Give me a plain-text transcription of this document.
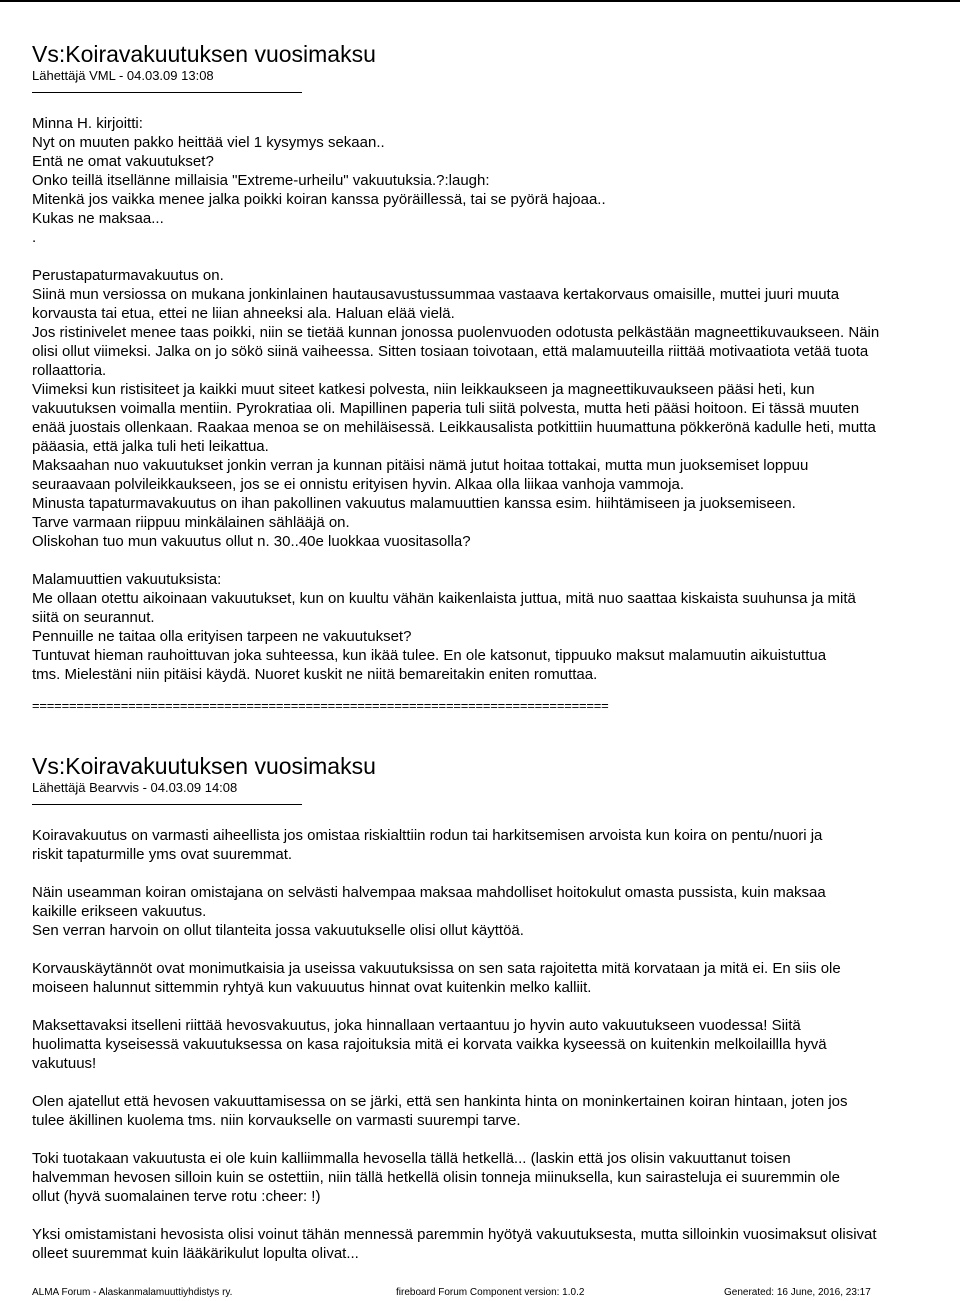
Vs:Koiravakuutuksen vuosimaksu
Lähettäjä VML - 04.03.09 13:08
Minna H. kirjoitti:
Nyt on muuten pakko heittää viel 1 kysymys sekaan..
Entä ne omat vakuutukset?
Onko teillä itsellänne millaisia "Extreme-urheilu" vakuutuksia.?:laugh:
Mitenkä jos vaikka menee jalka poikki koiran kanssa pyöräillessä, tai se pyörä hajoaa..
Kukas ne maksaa...
.
Perustapaturmavakuutus on.
Siinä mun versiossa on mukana jonkinlainen hautausavustussummaa vastaava kertakorvaus omaisille, muttei juuri muuta
korvausta tai etua, ettei ne liian ahneeksi ala. Haluan elää vielä.
Jos ristinivelet menee taas poikki, niin se tietää kunnan jonossa puolenvuoden odotusta pelkästään magneettikuvaukseen. Näin
olisi ollut viimeksi. Jalka on jo sökö siinä vaiheessa. Sitten tosiaan toivotaan, että malamuuteilla riittää motivaatiota vetää tuota
rollaattoria.
Viimeksi kun ristisiteet ja kaikki muut siteet katkesi polvesta, niin leikkaukseen ja magneettikuvaukseen pääsi heti, kun
vakuutuksen voimalla mentiin. Pyrokratiaa oli. Mapillinen paperia tuli siitä polvesta, mutta heti pääsi hoitoon. Ei tässä muuten
enää juostais ollenkaan. Raakaa menoa se on mehiläisessä. Leikkausalista potkittiin huumattuna pökkerönä kadulle heti, mutta
pääasia, että jalka tuli heti leikattua.
Maksaahan nuo vakuutukset jonkin verran ja kunnan pitäisi nämä jutut hoitaa tottakai, mutta mun juoksemiset loppuu
seuraavaan polvileikkaukseen, jos se ei onnistu erityisen hyvin. Alkaa olla liikaa vanhoja vammoja.
Minusta tapaturmavakuutus on ihan pakollinen vakuutus malamuuttien kanssa esim. hiihtämiseen ja juoksemiseen.
Tarve varmaan riippuu minkälainen sählääjä on.
Oliskohan tuo mun vakuutus ollut n. 30..40e luokkaa vuositasolla?
Malamuuttien vakuutuksista:
Me ollaan otettu aikoinaan vakuutukset, kun on kuultu vähän kaikenlaista juttua, mitä nuo saattaa kiskaista suuhunsa ja mitä
siitä on seurannut.
Pennuille ne taitaa olla erityisen tarpeen ne vakuutukset?
Tuntuvat hieman rauhoittuvan joka suhteessa, kun ikää tulee. En ole katsonut, tippuuko maksut malamuutin aikuistuttua
tms. Mielestäni niin pitäisi käydä. Nuoret kuskit ne niitä bemareitakin eniten romuttaa.
==============================================================================
Vs:Koiravakuutuksen vuosimaksu
Lähettäjä Bearvvis - 04.03.09 14:08
Koiravakuutus on varmasti aiheellista jos omistaa riskialttiin rodun tai harkitsemisen arvoista kun koira on pentu/nuori ja
riskit tapaturmille yms ovat suuremmat.
Näin useamman koiran omistajana on selvästi halvempaa maksaa mahdolliset hoitokulut omasta pussista, kuin maksaa
kaikille erikseen vakuutus.
Sen verran harvoin on ollut tilanteita jossa vakuutukselle olisi ollut käyttöä.
Korvauskäytännöt ovat monimutkaisia ja useissa vakuutuksissa on sen sata rajoitetta mitä korvataan ja mitä ei. En siis ole
moiseen halunnut sittemmin ryhtyä kun vakuuutus hinnat ovat kuitenkin melko kalliit.
Maksettavaksi itselleni riittää hevosvakuutus, joka hinnallaan vertaantuu jo hyvin auto vakuutukseen vuodessa! Siitä
huolimatta kyseisessä vakuutuksessa on kasa rajoituksia mitä ei korvata vaikka kyseessä on kuitenkin melkoilaillla hyvä
vakutuus!
Olen ajatellut että hevosen vakuuttamisessa on se järki, että sen hankinta hinta on moninkertainen koiran hintaan, joten jos
tulee äkillinen kuolema tms. niin korvaukselle on varmasti suurempi tarve.
Toki tuotakaan vakuutusta ei ole kuin kalliimmalla hevosella tällä hetkellä... (laskin että jos olisin vakuuttanut toisen
halvemman hevosen silloin kuin se ostettiin, niin tällä hetkellä olisin tonneja miinuksella, kun sairasteluja ei suuremmin ole
ollut (hyvä suomalainen terve rotu :cheer: !)
Yksi omistamistani hevosista olisi voinut tähän mennessä paremmin hyötyä vakuutuksesta, mutta silloinkin vuosimaksut olisivat
olleet suuremmat kuin lääkärikulut lopulta olivat...
ALMA Forum - Alaskanmalamuuttiyhdistys ry.	fireboard Forum Component version: 1.0.2	Generated: 16 June, 2016, 23:17
